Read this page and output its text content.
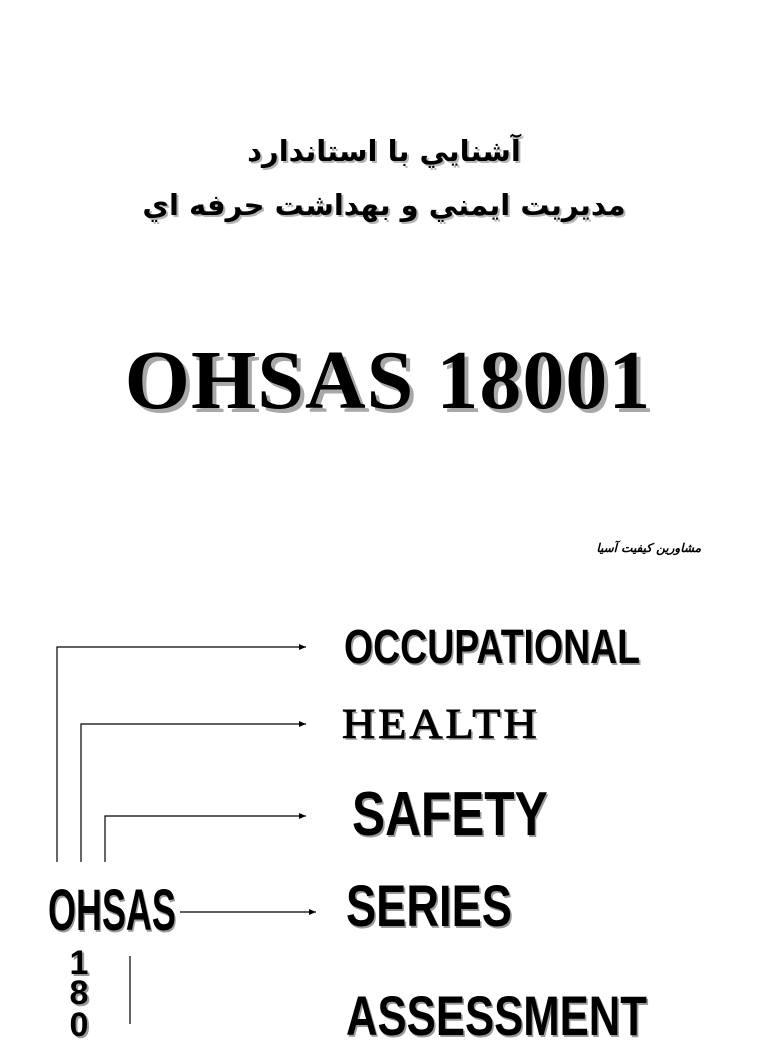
آشنايي با استاندارد
مديريت ايمني و بهداشت حرفه اي
OHSAS 18001
مشاورين كيفيت آسيا
OCCUPATIONAL
HEALTH
SAFETY
SERIES
ASSESSMENT
OHSAS
1
8
0
